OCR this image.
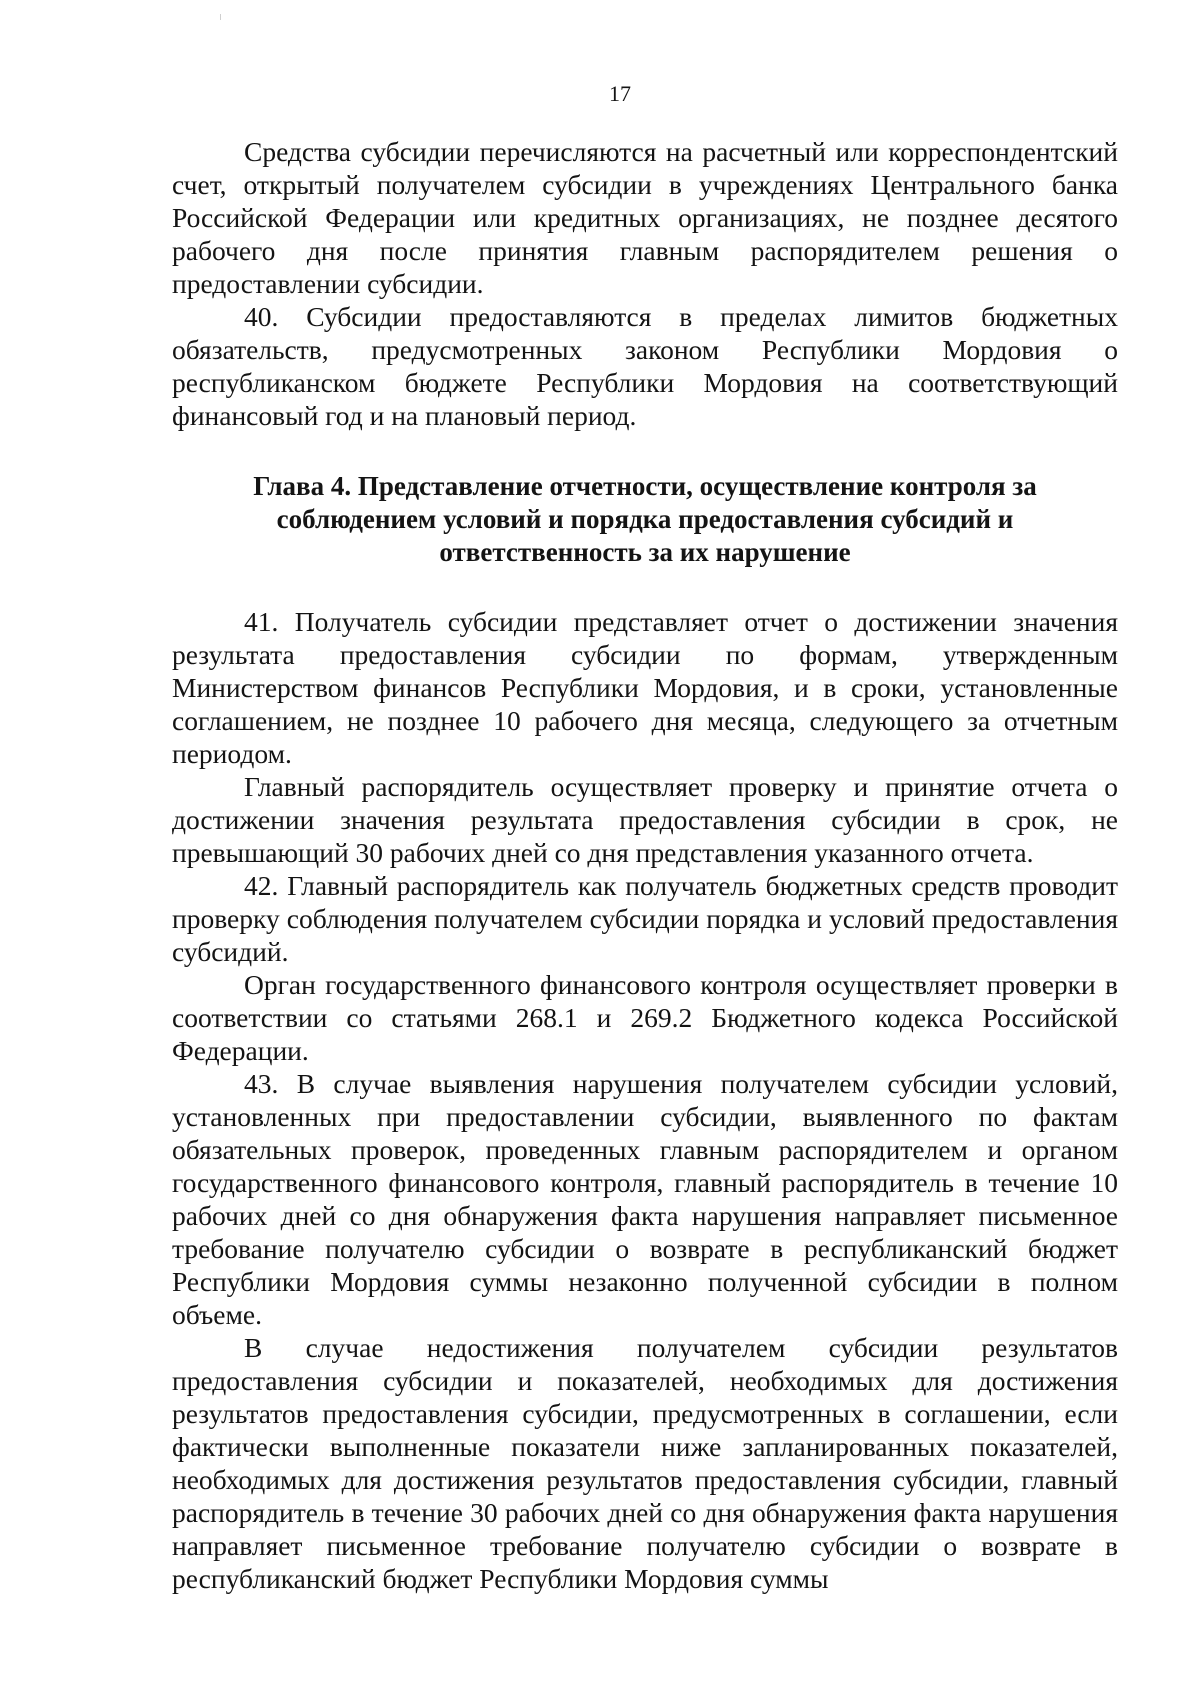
17

Средства субсидии перечисляются на расчетный или корреспондентский счет, открытый получателем субсидии в учреждениях Центрального банка Российской Федерации или кредитных организациях, не позднее десятого рабочего дня после принятия главным распорядителем решения о предоставлении субсидии.

40. Субсидии предоставляются в пределах лимитов бюджетных обязательств, предусмотренных законом Республики Мордовия о республиканском бюджете Республики Мордовия на соответствующий финансовый год и на плановый период.

Глава 4. Представление отчетности, осуществление контроля за
соблюдением условий и порядка предоставления субсидий и
ответственность за их нарушение

41. Получатель субсидии представляет отчет о достижении значения результата предоставления субсидии по формам, утвержденным Министерством финансов Республики Мордовия, и в сроки, установленные соглашением, не позднее 10 рабочего дня месяца, следующего за отчетным периодом.

Главный распорядитель осуществляет проверку и принятие отчета о достижении значения результата предоставления субсидии в срок, не превышающий 30 рабочих дней со дня представления указанного отчета.

42. Главный распорядитель как получатель бюджетных средств проводит проверку соблюдения получателем субсидии порядка и условий предоставления субсидий.

Орган государственного финансового контроля осуществляет проверки в соответствии со статьями 268.1 и 269.2 Бюджетного кодекса Российской Федерации.

43. В случае выявления нарушения получателем субсидии условий, установленных при предоставлении субсидии, выявленного по фактам обязательных проверок, проведенных главным распорядителем и органом государственного финансового контроля, главный распорядитель в течение 10 рабочих дней со дня обнаружения факта нарушения направляет письменное требование получателю субсидии о возврате в республиканский бюджет Республики Мордовия суммы незаконно полученной субсидии в полном объеме.

В случае недостижения получателем субсидии результатов предоставления субсидии и показателей, необходимых для достижения результатов предоставления субсидии, предусмотренных в соглашении, если фактически выполненные показатели ниже запланированных показателей, необходимых для достижения результатов предоставления субсидии, главный распорядитель в течение 30 рабочих дней со дня обнаружения факта нарушения направляет письменное требование получателю субсидии о возврате в республиканский бюджет Республики Мордовия суммы
